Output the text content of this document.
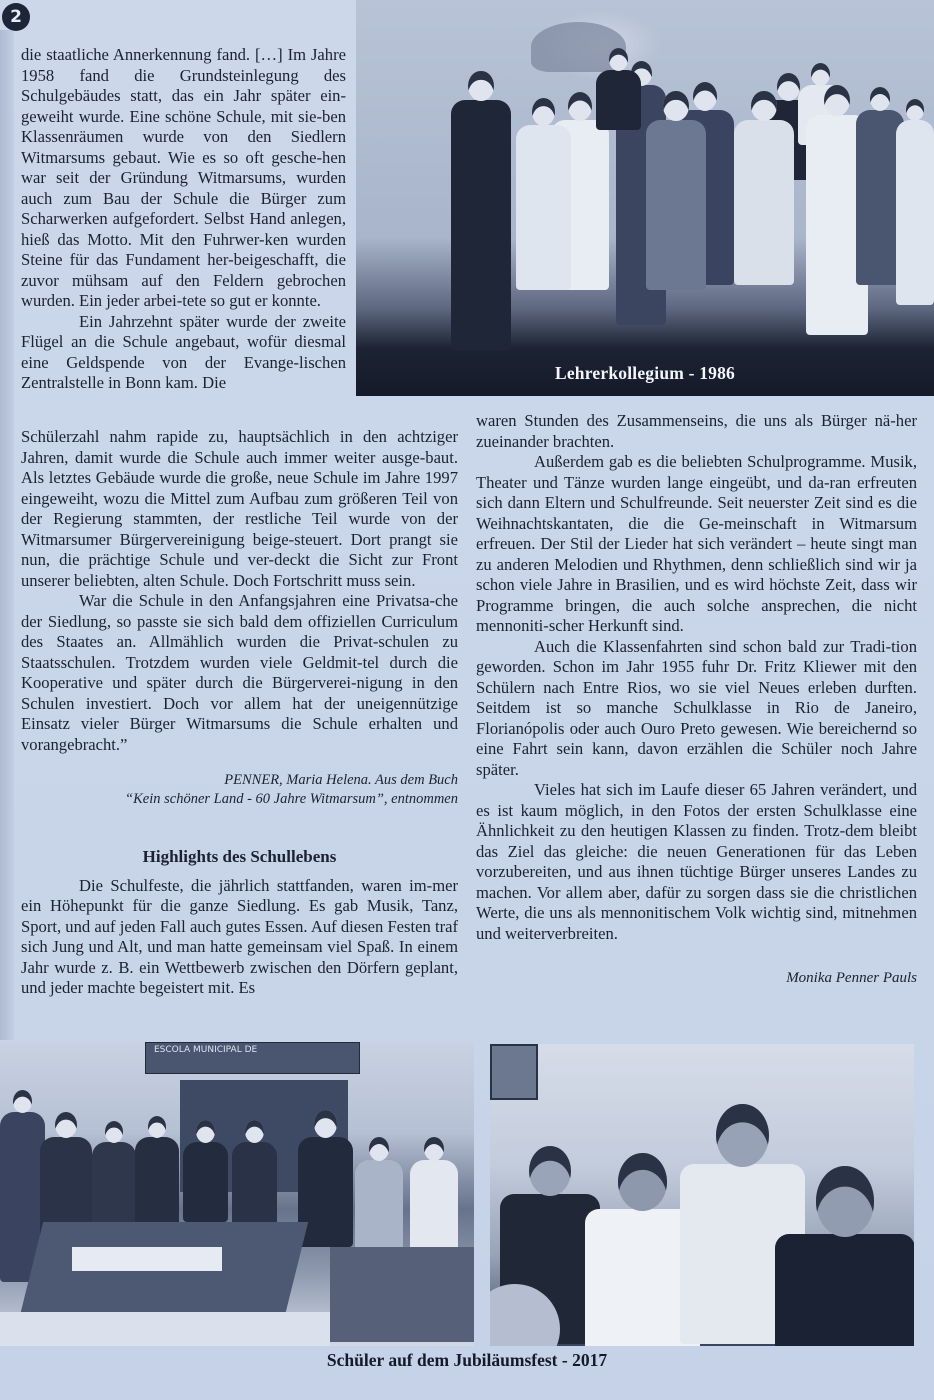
2
Lehrerkollegium - 1986

die staatliche Annerkennung fand. […] Im Jahre 1958 fand die Grundsteinlegung des Schulgebäudes statt, das ein Jahr später ein-geweiht wurde. Eine schöne Schule, mit sie-ben Klassenräumen wurde von den Siedlern Witmarsums gebaut. Wie es so oft gesche-hen war seit der Gründung Witmarsums, wurden auch zum Bau der Schule die Bürger zum Scharwerken aufgefordert. Selbst Hand anlegen, hieß das Motto. Mit den Fuhrwer-ken wurden Steine für das Fundament her-beigeschafft, die zuvor mühsam auf den Feldern gebrochen wurden. Ein jeder arbei-tete so gut er konnte.

Ein Jahrzehnt später wurde der zweite Flügel an die Schule angebaut, wofür diesmal eine Geldspende von der Evange-lischen Zentralstelle in Bonn kam. Die

Schülerzahl nahm rapide zu, hauptsächlich in den achtziger Jahren, damit wurde die Schule auch immer weiter ausge-baut. Als letztes Gebäude wurde die große, neue Schule im Jahre 1997 eingeweiht, wozu die Mittel zum Aufbau zum größeren Teil von der Regierung stammten, der restliche Teil wurde von der Witmarsumer Bürgervereinigung beige-steuert. Dort prangt sie nun, die prächtige Schule und ver-deckt die Sicht zur Front unserer beliebten, alten Schule. Doch Fortschritt muss sein.

War die Schule in den Anfangsjahren eine Privatsa-che der Siedlung, so passte sie sich bald dem offiziellen Curriculum des Staates an. Allmählich wurden die Privat-schulen zu Staatsschulen. Trotzdem wurden viele Geldmit-tel durch die Kooperative und später durch die Bürgerverei-nigung in den Schulen investiert. Doch vor allem hat der uneigennützige Einsatz vieler Bürger Witmarsums die Schule erhalten und vorangebracht.”

PENNER, Maria Helena. Aus dem Buch
“Kein schöner Land - 60 Jahre Witmarsum”, entnommen

Highlights des Schullebens

Die Schulfeste, die jährlich stattfanden, waren im-mer ein Höhepunkt für die ganze Siedlung. Es gab Musik, Tanz, Sport, und auf jeden Fall auch gutes Essen. Auf diesen Festen traf sich Jung und Alt, und man hatte gemeinsam viel Spaß. In einem Jahr wurde z. B. ein Wettbewerb zwischen den Dörfern geplant, und jeder machte begeistert mit. Es

waren Stunden des Zusammenseins, die uns als Bürger nä-her zueinander brachten.

Außerdem gab es die beliebten Schulprogramme. Musik, Theater und Tänze wurden lange eingeübt, und da-ran erfreuten sich dann Eltern und Schulfreunde. Seit neuerster Zeit sind es die Weihnachtskantaten, die die Ge-meinschaft in Witmarsum erfreuen. Der Stil der Lieder hat sich verändert – heute singt man zu anderen Melodien und Rhythmen, denn schließlich sind wir ja schon viele Jahre in Brasilien, und es wird höchste Zeit, dass wir Programme bringen, die auch solche ansprechen, die nicht mennoniti-scher Herkunft sind.

Auch die Klassenfahrten sind schon bald zur Tradi-tion geworden. Schon im Jahr 1955 fuhr Dr. Fritz Kliewer mit den Schülern nach Entre Rios, wo sie viel Neues erleben durften. Seitdem ist so manche Schulklasse in Rio de Janeiro, Florianópolis oder auch Ouro Preto gewesen. Wie bereichernd so eine Fahrt sein kann, davon erzählen die Schüler noch Jahre später.

Vieles hat sich im Laufe dieser 65 Jahren verändert, und es ist kaum möglich, in den Fotos der ersten Schulklasse eine Ähnlichkeit zu den heutigen Klassen zu finden. Trotz-dem bleibt das Ziel das gleiche: die neuen Generationen für das Leben vorzubereiten, und aus ihnen tüchtige Bürger unseres Landes zu machen. Vor allem aber, dafür zu sorgen dass sie die christlichen Werte, die uns als mennonitischem Volk wichtig sind, mitnehmen und weiterverbreiten.

Monika Penner Pauls

ESCOLA MUNICIPAL DE
Schüler auf dem Jubiläumsfest - 2017
